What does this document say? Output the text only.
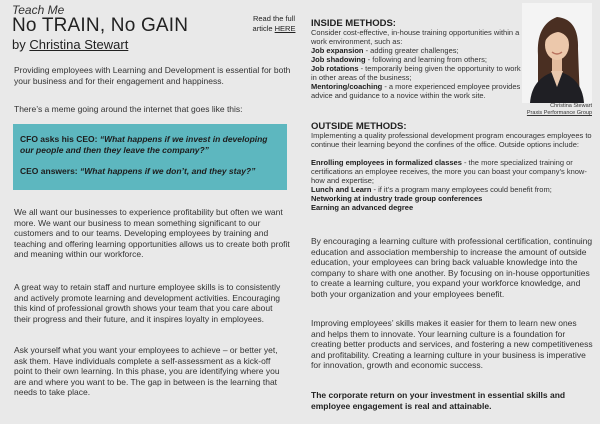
Teach Me
No TRAIN, No GAIN
by Christina Stewart
Read the full article HERE

Providing employees with Learning and Development is essential for both your business and for their engagement and happiness.

There’s a meme going around the internet that goes like this:

CFO asks his CEO: “What happens if we invest in developing our people and then they leave the company?”
CEO answers: “What happens if we don’t, and they stay?”

We all want our businesses to experience profitability but often we want more. We want our business to mean something significant to our customers and to our teams. Developing employees by training and teaching and offering learning opportunities allows us to create both profit and meaning within our workforce.

A great way to retain staff and nurture employee skills is to consistently and actively promote learning and development activities. Encouraging this kind of professional growth shows your team that you care about their progress and their future, and it inspires loyalty in employees.

Ask yourself what you want your employees to achieve – or better yet, ask them. Have individuals complete a self-assessment as a kick-off point to their own learning. In this phase, you are identifying where you are and where you want to be. The gap in between is the learning that needs to take place.

INSIDE METHODS:

Consider cost-effective, in-house training opportunities within a work environment, such as:
Job expansion - adding greater challenges;
Job shadowing - following and learning from others;
Job rotations - temporarily being given the opportunity to work in other areas of the business;
Mentoring/coaching - a more experienced employee provides advice and guidance to a novice within the work site.
Christina Stewart
Praxis Performance Group

OUTSIDE METHODS:

Implementing a quality professional development program encourages employees to continue their learning beyond the confines of the office. Outside options include:
Enrolling employees in formalized classes - the more specialized training or certifications an employee receives, the more you can boast your company’s know-how and expertise;
Lunch and Learn - if it’s a program many employees could benefit from;
Networking at industry trade group conferences
Earning an advanced degree

By encouraging a learning culture with professional certification, continuing education and association membership to increase the amount of outside education, your employees can bring back valuable knowledge into the company to share with one another. By focusing on in-house opportunities to create a learning culture, you expand your workforce knowledge, and both your organization and your employees benefit.

Improving employees’ skills makes it easier for them to learn new ones and helps them to innovate. Your learning culture is a foundation for creating better products and services, and fostering a new competitiveness and profitability. Creating a learning culture in your business is imperative for innovation, growth and economic success.

The corporate return on your investment in essential skills and employee engagement is real and attainable.
